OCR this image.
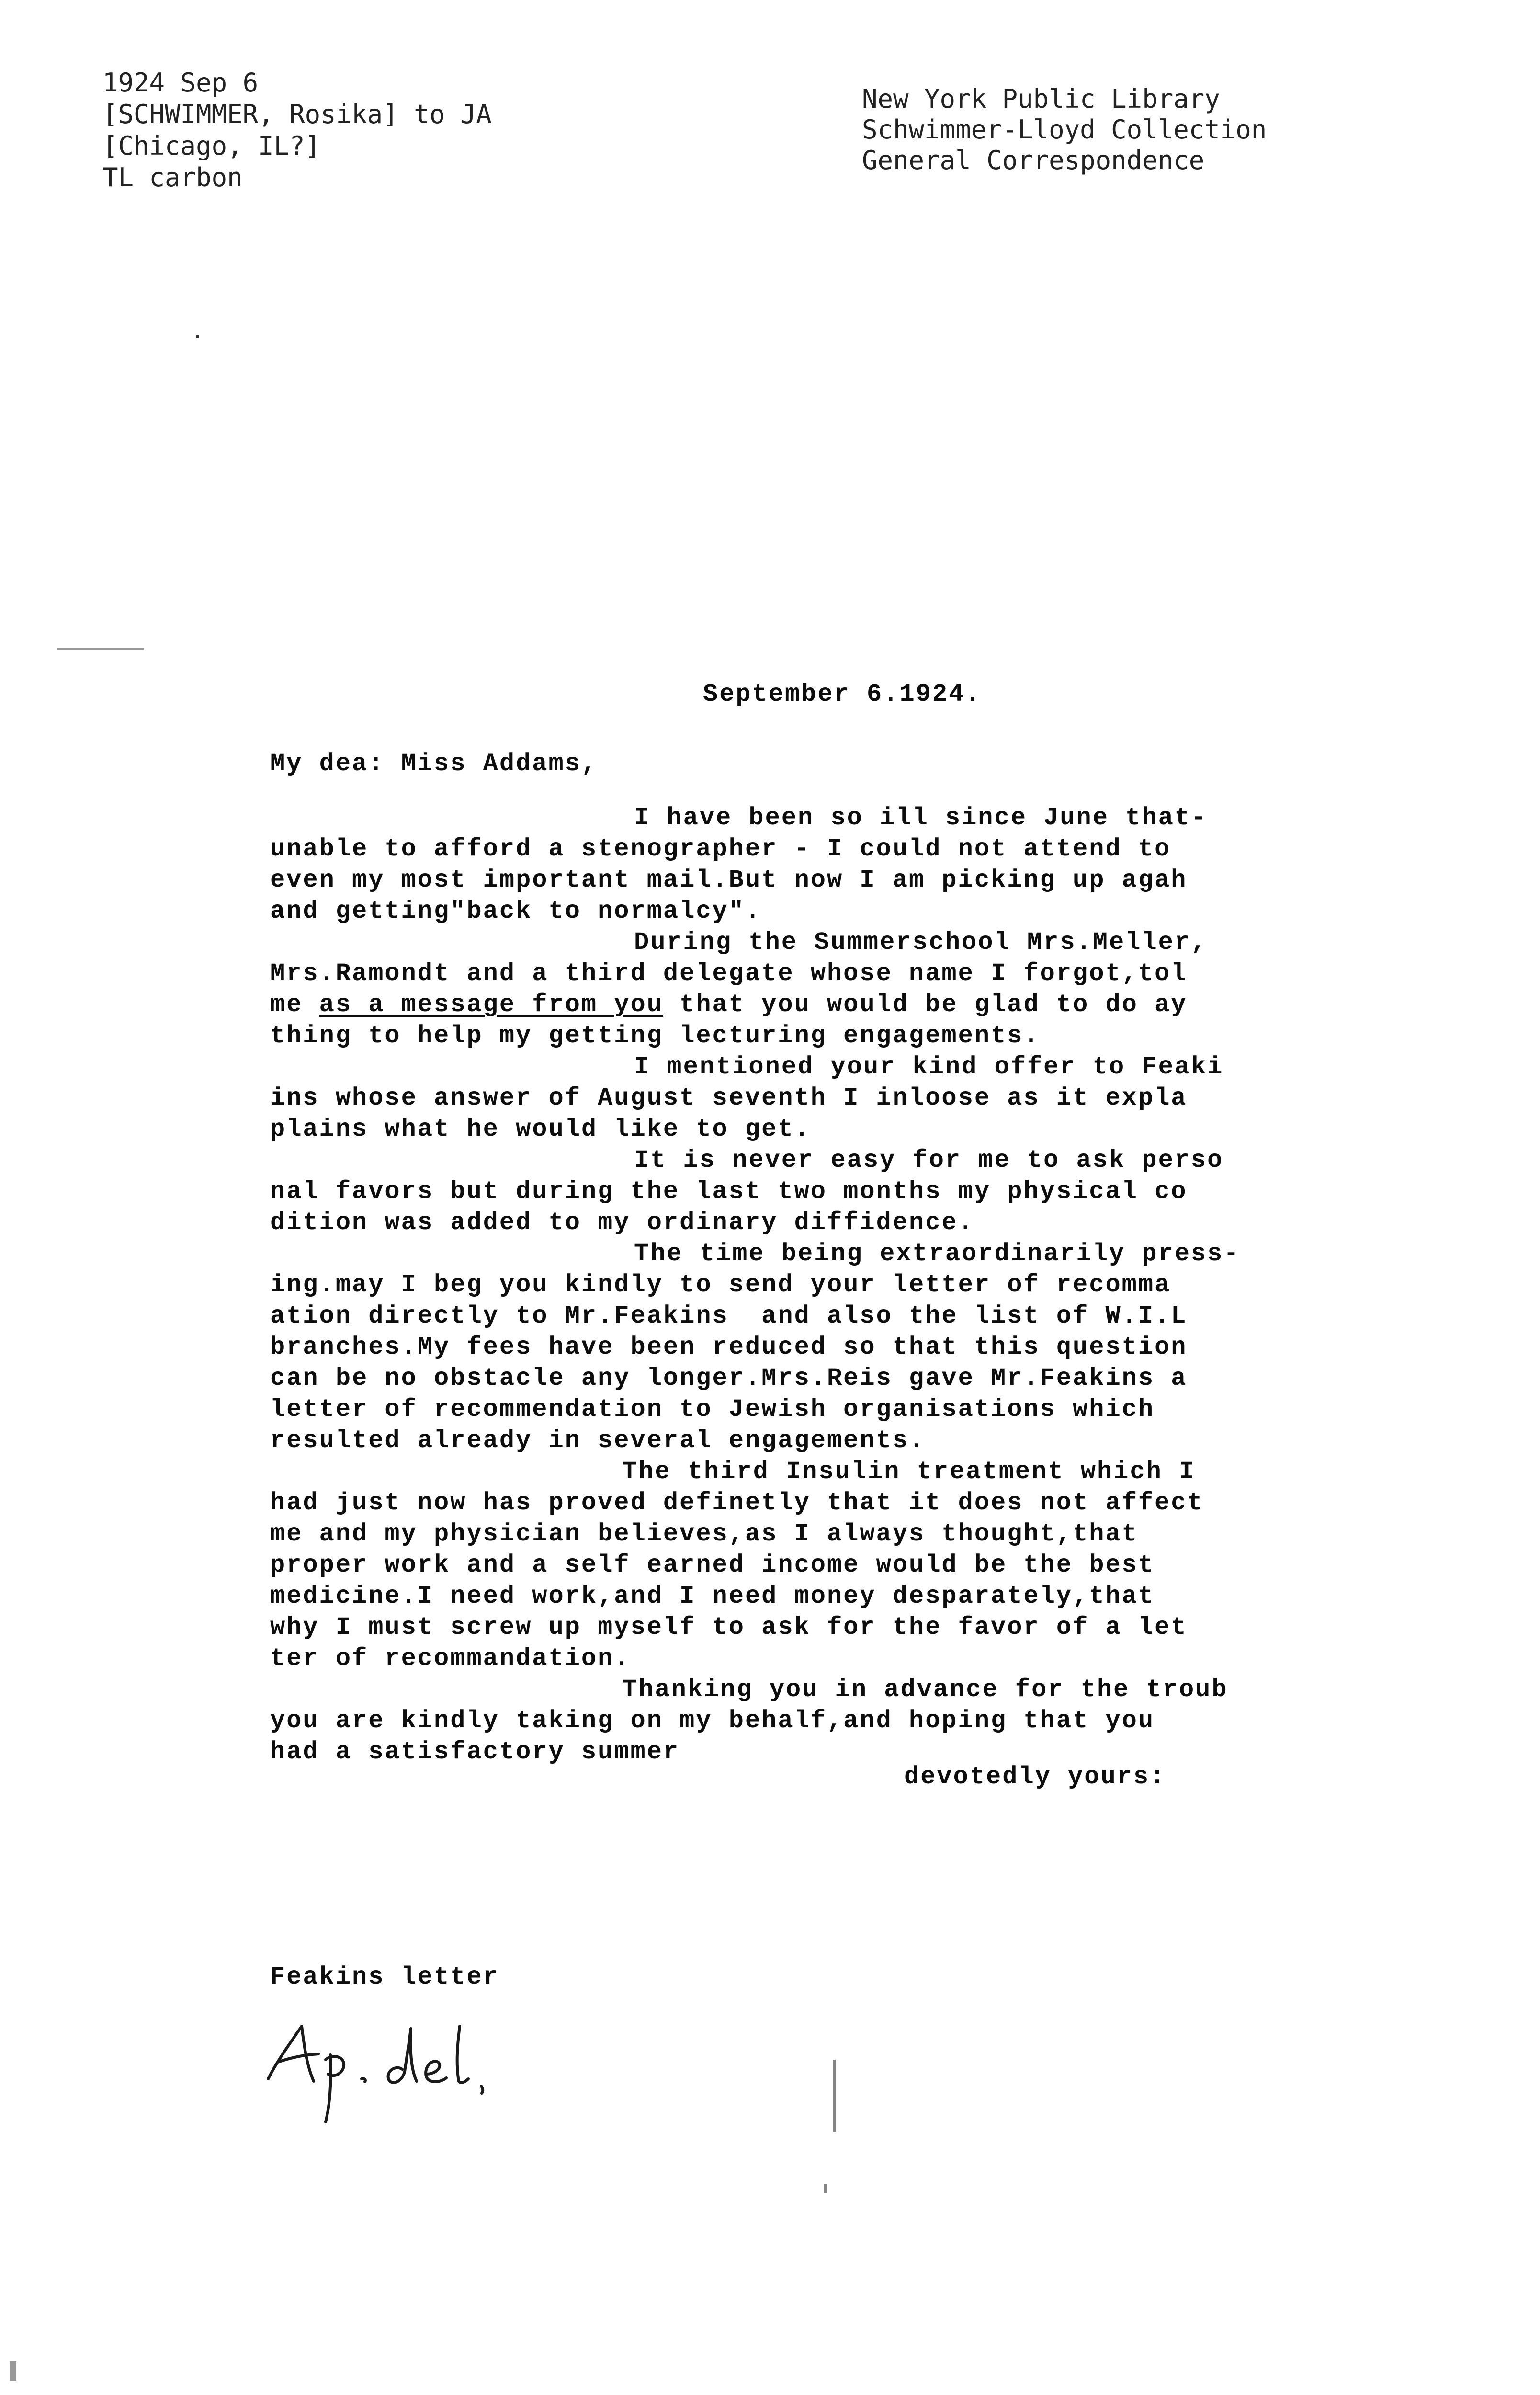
1924 Sep 6
[SCHWIMMER, Rosika] to JA
[Chicago, IL?]
TL carbon
New York Public Library
Schwimmer-Lloyd Collection
General Correspondence
September 6.1924.
My dea: Miss Addams,
I have been so ill since June that-
unable to afford a stenographer - I could not attend to
even my most important mail.But now I am picking up agah
and getting"back to normalcy".
During the Summerschool Mrs.Meller,
Mrs.Ramondt and a third delegate whose name I forgot,tol
me as a message from you that you would be glad to do ay
thing to help my getting lecturing engagements.
I mentioned your kind offer to Feaki
ins whose answer of August seventh I inloose as it expla
plains what he would like to get.
It is never easy for me to ask perso
nal favors but during the last two months my physical co
dition was added to my ordinary diffidence.
The time being extraordinarily press-
ing.may I beg you kindly to send your letter of recomma
ation directly to Mr.Feakins  and also the list of W.I.L
branches.My fees have been reduced so that this question
can be no obstacle any longer.Mrs.Reis gave Mr.Feakins a
letter of recommendation to Jewish organisations which
resulted already in several engagements.
The third Insulin treatment which I
had just now has proved definetly that it does not affect
me and my physician believes,as I always thought,that
proper work and a self earned income would be the best
medicine.I need work,and I need money desparately,that
why I must screw up myself to ask for the favor of a let
ter of recommandation.
Thanking you in advance for the troub
you are kindly taking on my behalf,and hoping that you
had a satisfactory summer
devotedly yours:
Feakins letter
